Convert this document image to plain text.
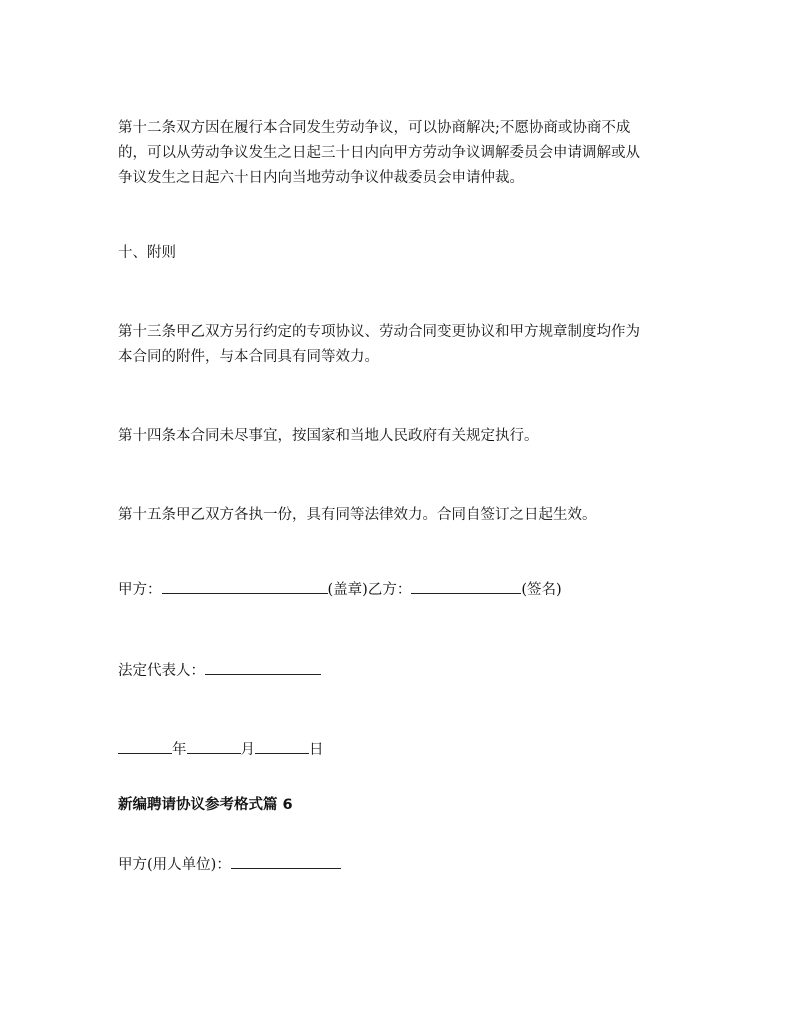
第十二条双方因在履行本合同发生劳动争议，可以协商解决;不愿协商或协商不成
的，可以从劳动争议发生之日起三十日内向甲方劳动争议调解委员会申请调解或从
争议发生之日起六十日内向当地劳动争议仲裁委员会申请仲裁。

十、附则

第十三条甲乙双方另行约定的专项协议、劳动合同变更协议和甲方规章制度均作为
本合同的附件，与本合同具有同等效力。

第十四条本合同未尽事宜，按国家和当地人民政府有关规定执行。

第十五条甲乙双方各执一份，具有同等法律效力。合同自签订之日起生效。

甲方：	(盖章)乙方：	(签名)

法定代表人：

年	月	日

新编聘请协议参考格式篇 6

甲方(用人单位)：
